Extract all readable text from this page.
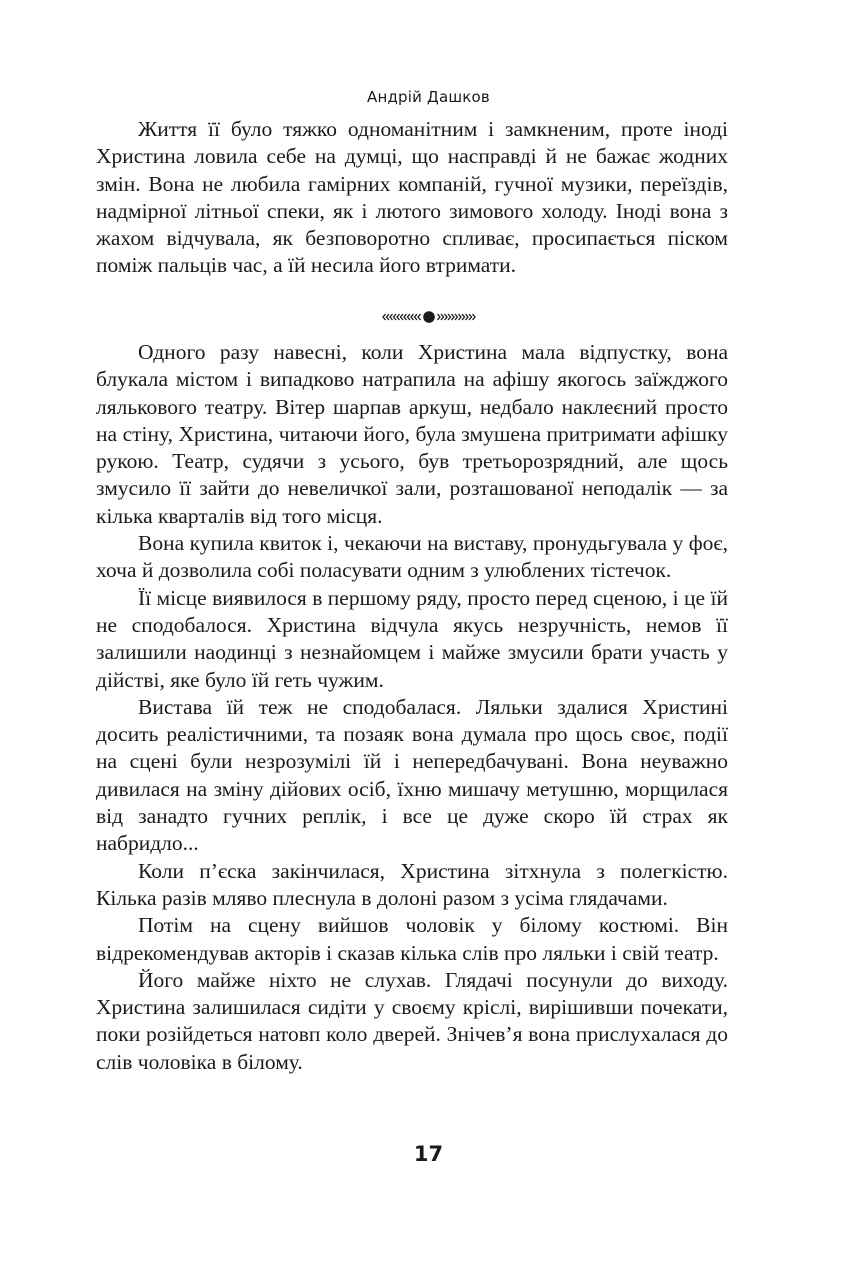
Андрій Дашков

Життя її було тяжко одноманітним і замкненим, проте іноді Христина ловила себе на думці, що насправді й не бажає жодних змін. Вона не любила гамірних компаній, гучної музики, переїздів, надмірної літньої спеки, як і лютого зимового холоду. Іноді вона з жахом відчувала, як безповоротно спливає, просипається піском поміж пальців час, а їй несила його втримати.

Одного разу навесні, коли Христина мала відпустку, вона блукала містом і випадково натрапила на афішу якогось заїжджого лялькового театру. Вітер шарпав аркуш, недбало наклеєний просто на стіну, Христина, читаючи його, була змушена притримати афішку рукою. Театр, судячи з усього, був третьорозрядний, але щось змусило її зайти до невеличкої зали, розташованої неподалік — за кілька кварталів від того місця.

Вона купила квиток і, чекаючи на виставу, пронудьгувала у фоє, хоча й дозволила собі поласувати одним з улюблених тістечок.

Її місце виявилося в першому ряду, просто перед сценою, і це їй не сподобалося. Христина відчула якусь незручність, немов її залишили наодинці з незнайомцем і майже змусили брати участь у дійстві, яке було їй геть чужим.

Вистава їй теж не сподобалася. Ляльки здалися Христині досить реалістичними, та позаяк вона думала про щось своє, події на сцені були незрозумілі їй і непередбачувані. Вона неуважно дивилася на зміну дійових осіб, їхню мишачу метушню, морщилася від занадто гучних реплік, і все це дуже скоро їй страх як набридло...

Коли п’єска закінчилася, Христина зітхнула з полегкістю. Кілька разів мляво плеснула в долоні разом з усіма глядачами.

Потім на сцену вийшов чоловік у білому костюмі. Він відрекомендував акторів і сказав кілька слів про ляльки і свій театр.

Його майже ніхто не слухав. Глядачі посунули до виходу. Христина залишилася сидіти у своєму кріслі, вирішивши почекати, поки розійдеться натовп коло дверей. Знічев’я вона прислухалася до слів чоловіка в білому.

17
